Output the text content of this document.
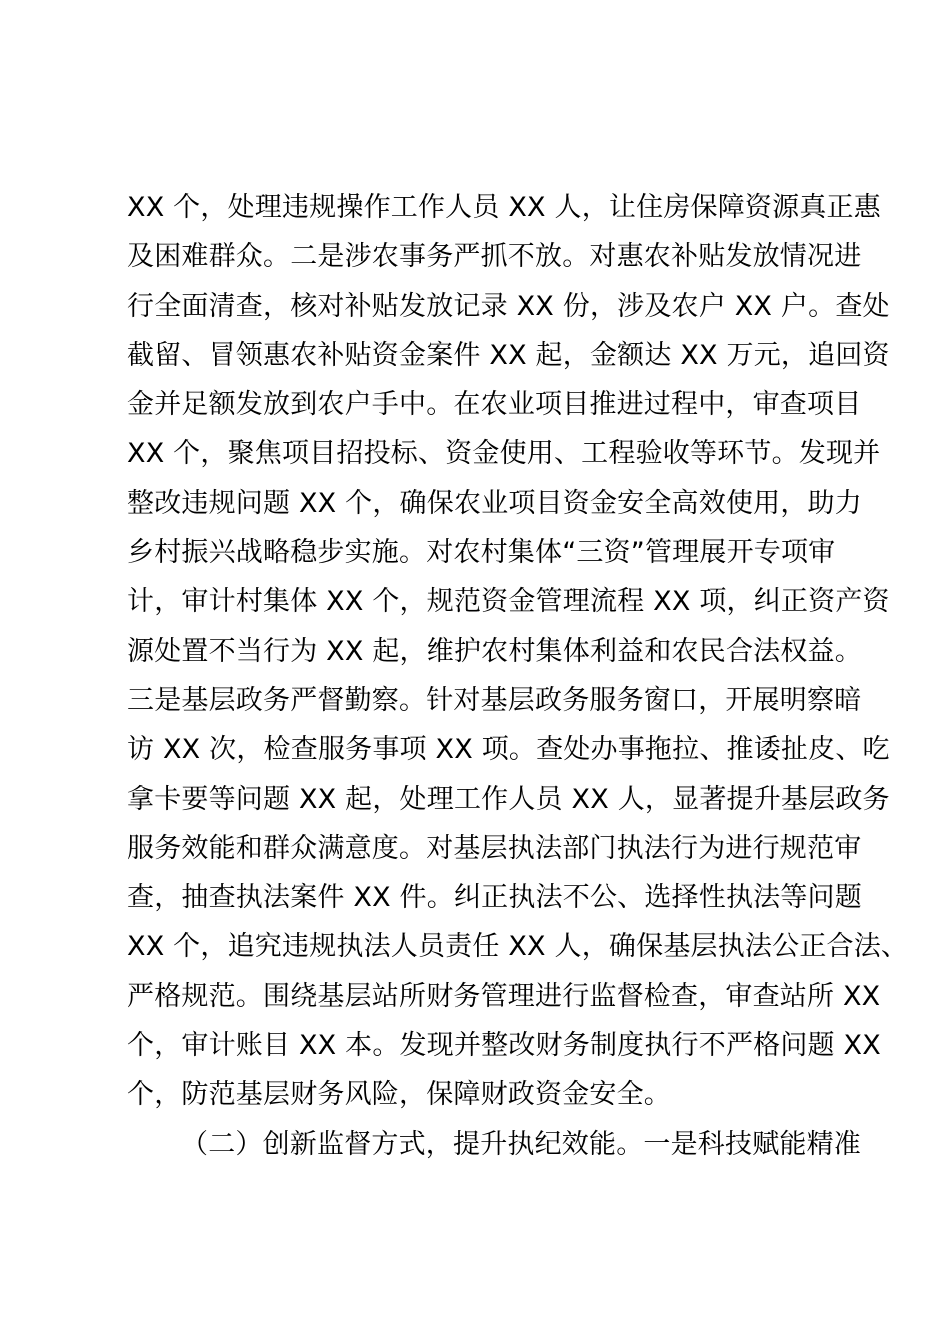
XX 个，处理违规操作工作人员 XX 人，让住房保障资源真正惠
及困难群众。二是涉农事务严抓不放。对惠农补贴发放情况进
行全面清查，核对补贴发放记录 XX 份，涉及农户 XX 户。查处
截留、冒领惠农补贴资金案件 XX 起，金额达 XX 万元，追回资
金并足额发放到农户手中。在农业项目推进过程中，审查项目
XX 个，聚焦项目招投标、资金使用、工程验收等环节。发现并
整改违规问题 XX 个，确保农业项目资金安全高效使用，助力
乡村振兴战略稳步实施。对农村集体“三资”管理展开专项审
计，审计村集体 XX 个，规范资金管理流程 XX 项，纠正资产资
源处置不当行为 XX 起，维护农村集体利益和农民合法权益。
三是基层政务严督勤察。针对基层政务服务窗口，开展明察暗
访 XX 次，检查服务事项 XX 项。查处办事拖拉、推诿扯皮、吃
拿卡要等问题 XX 起，处理工作人员 XX 人，显著提升基层政务
服务效能和群众满意度。对基层执法部门执法行为进行规范审
查，抽查执法案件 XX 件。纠正执法不公、选择性执法等问题
XX 个，追究违规执法人员责任 XX 人，确保基层执法公正合法、
严格规范。围绕基层站所财务管理进行监督检查，审查站所 XX
个，审计账目 XX 本。发现并整改财务制度执行不严格问题 XX
个，防范基层财务风险，保障财政资金安全。
（二）创新监督方式，提升执纪效能。一是科技赋能精准
